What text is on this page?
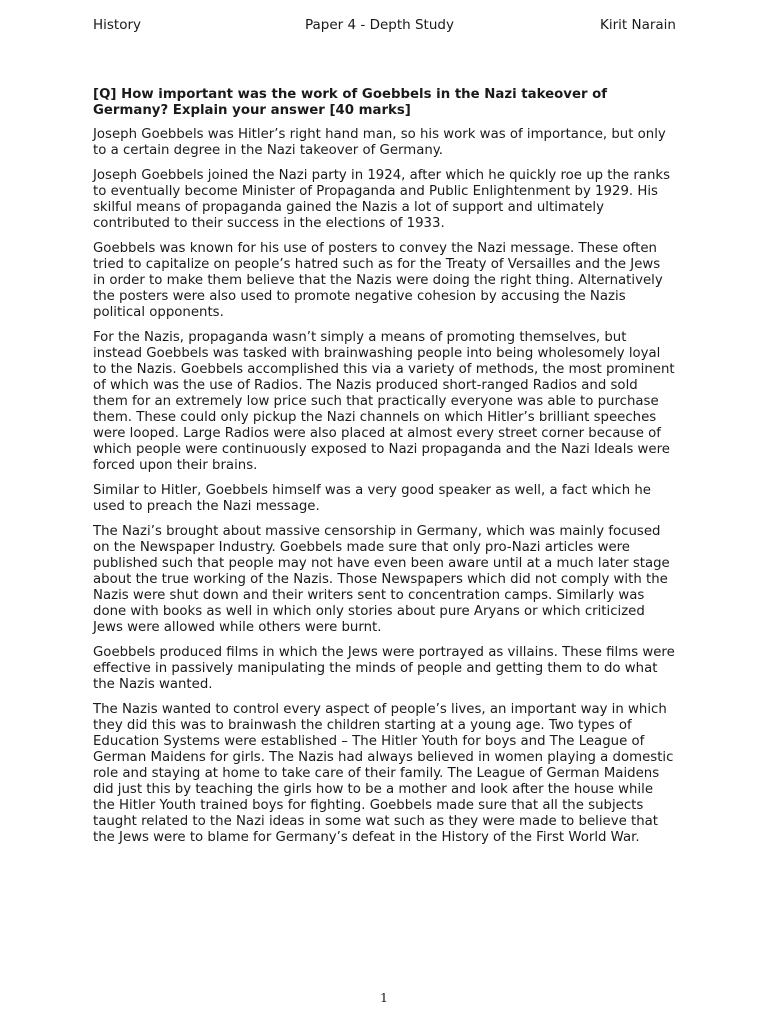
History	Paper 4 - Depth Study	Kirit Narain

[Q] How important was the work of Goebbels in the Nazi takeover of Germany? Explain your answer [40 marks]

Joseph Goebbels was Hitler’s right hand man, so his work was of importance, but only to a certain degree in the Nazi takeover of Germany.

Joseph Goebbels joined the Nazi party in 1924, after which he quickly roe up the ranks to eventually become Minister of Propaganda and Public Enlightenment by 1929. His skilful means of propaganda gained the Nazis a lot of support and ultimately contributed to their success in the elections of 1933.

Goebbels was known for his use of posters to convey the Nazi message. These often tried to capitalize on people’s hatred such as for the Treaty of Versailles and the Jews in order to make them believe that the Nazis were doing the right thing. Alternatively the posters were also used to promote negative cohesion by accusing the Nazis political opponents.

For the Nazis, propaganda wasn’t simply a means of promoting themselves, but instead Goebbels was tasked with brainwashing people into being wholesomely loyal to the Nazis. Goebbels accomplished this via a variety of methods, the most prominent of which was the use of Radios. The Nazis produced short-ranged Radios and sold them for an extremely low price such that practically everyone was able to purchase them. These could only pickup the Nazi channels on which Hitler’s brilliant speeches were looped. Large Radios were also placed at almost every street corner because of which people were continuously exposed to Nazi propaganda and the Nazi Ideals were forced upon their brains.

Similar to Hitler, Goebbels himself was a very good speaker as well, a fact which he used to preach the Nazi message.

The Nazi’s brought about massive censorship in Germany, which was mainly focused on the Newspaper Industry. Goebbels made sure that only pro-Nazi articles were published such that people may not have even been aware until at a much later stage about the true working of the Nazis. Those Newspapers which did not comply with the Nazis were shut down and their writers sent to concentration camps. Similarly was done with books as well in which only stories about pure Aryans or which criticized Jews were allowed while others were burnt.

Goebbels produced films in which the Jews were portrayed as villains. These films were effective in passively manipulating the minds of people and getting them to do what the Nazis wanted.

The Nazis wanted to control every aspect of people’s lives, an important way in which they did this was to brainwash the children starting at a young age. Two types of Education Systems were established – The Hitler Youth for boys and The League of German Maidens for girls. The Nazis had always believed in women playing a domestic role and staying at home to take care of their family. The League of German Maidens did just this by teaching the girls how to be a mother and look after the house while the Hitler Youth trained boys for fighting. Goebbels made sure that all the subjects taught related to the Nazi ideas in some wat such as they were made to believe that the Jews were to blame for Germany’s defeat in the History of the First World War.

1
